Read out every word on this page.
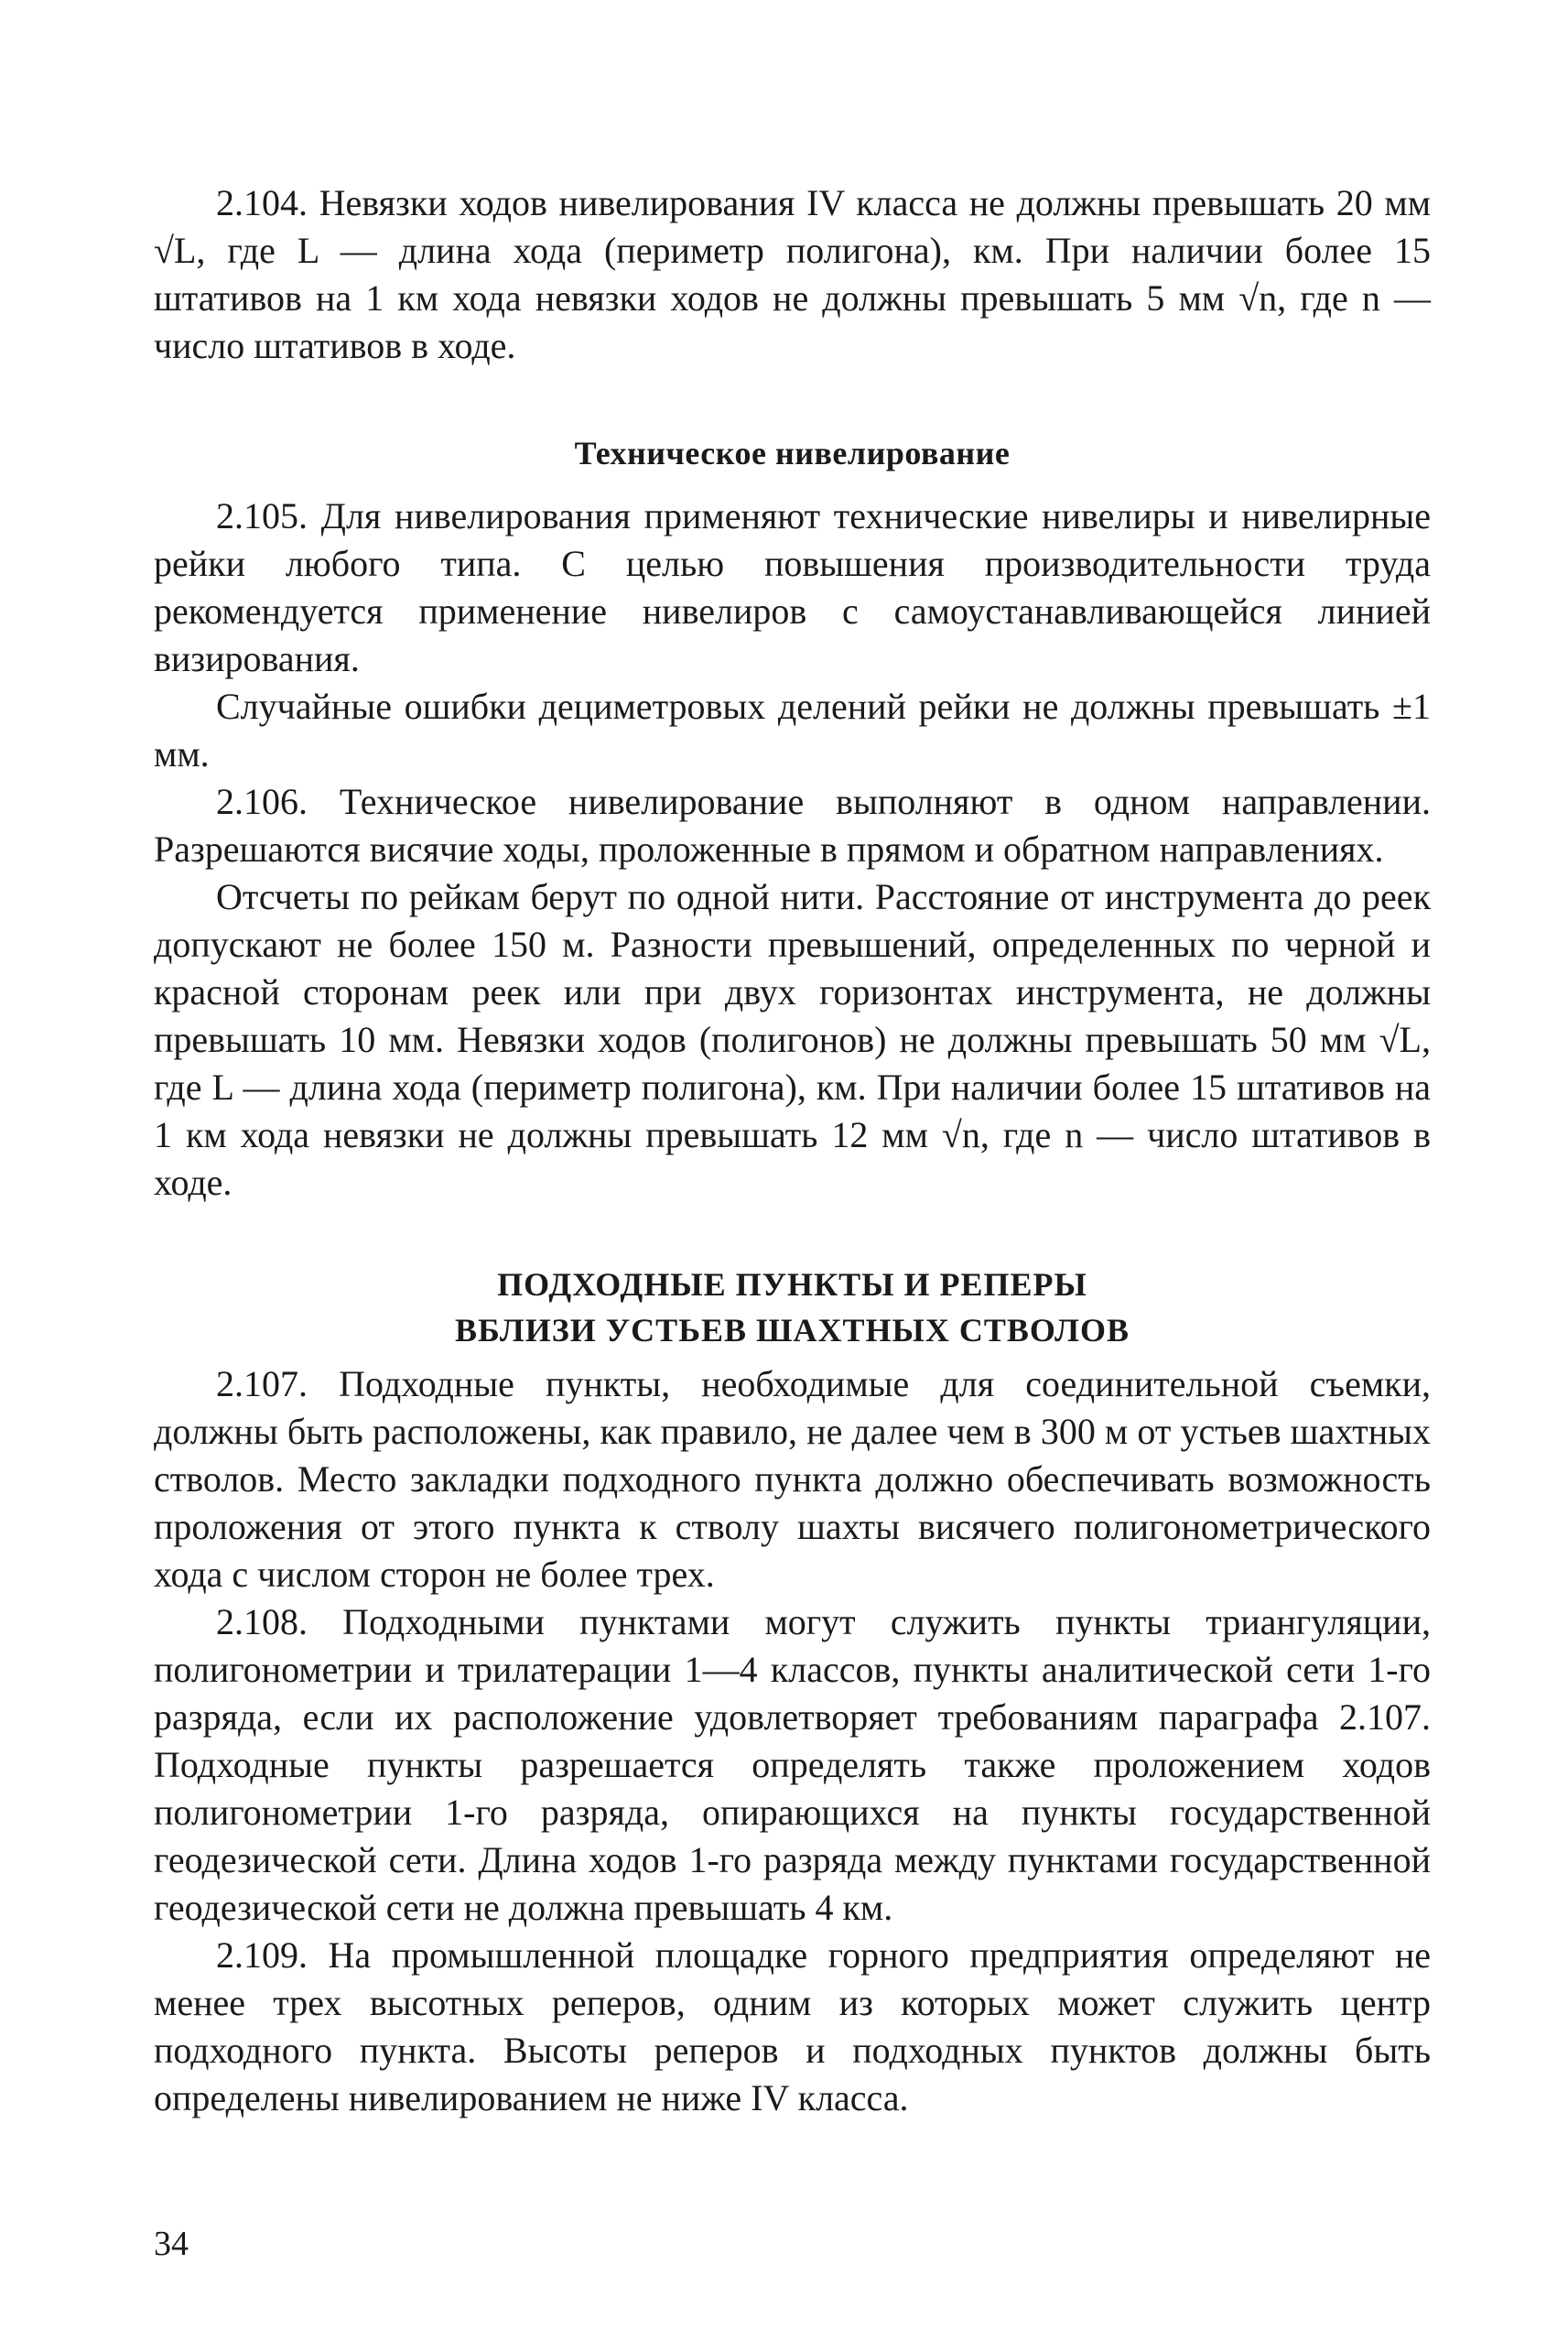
2.104. Невязки ходов нивелирования IV класса не должны превышать 20 мм √L, где L — длина хода (периметр полигона), км. При наличии более 15 штативов на 1 км хода невязки ходов не должны превышать 5 мм √n, где n — число штативов в ходе.

Техническое нивелирование

2.105. Для нивелирования применяют технические нивелиры и нивелирные рейки любого типа. С целью повышения производительности труда рекомендуется применение нивелиров с самоустанавливающейся линией визирования.

Случайные ошибки дециметровых делений рейки не должны превышать ±1 мм.

2.106. Техническое нивелирование выполняют в одном направлении. Разрешаются висячие ходы, проложенные в прямом и обратном направлениях.

Отсчеты по рейкам берут по одной нити. Расстояние от инструмента до реек допускают не более 150 м. Разности превышений, определенных по черной и красной сторонам реек или при двух горизонтах инструмента, не должны превышать 10 мм. Невязки ходов (полигонов) не должны превышать 50 мм √L, где L — длина хода (периметр полигона), км. При наличии более 15 штативов на 1 км хода невязки не должны превышать 12 мм √n, где n — число штативов в ходе.

ПОДХОДНЫЕ ПУНКТЫ И РЕПЕРЫ
ВБЛИЗИ УСТЬЕВ ШАХТНЫХ СТВОЛОВ

2.107. Подходные пункты, необходимые для соединительной съемки, должны быть расположены, как правило, не далее чем в 300 м от устьев шахтных стволов. Место закладки подходного пункта должно обеспечивать возможность проложения от этого пункта к стволу шахты висячего полигонометрического хода с числом сторон не более трех.

2.108. Подходными пунктами могут служить пункты триангуляции, полигонометрии и трилатерации 1—4 классов, пункты аналитической сети 1-го разряда, если их расположение удовлетворяет требованиям параграфа 2.107. Подходные пункты разрешается определять также проложением ходов полигонометрии 1-го разряда, опирающихся на пункты государственной геодезической сети. Длина ходов 1-го разряда между пунктами государственной геодезической сети не должна превышать 4 км.

2.109. На промышленной площадке горного предприятия определяют не менее трех высотных реперов, одним из которых может служить центр подходного пункта. Высоты реперов и подходных пунктов должны быть определены нивелированием не ниже IV класса.

34
